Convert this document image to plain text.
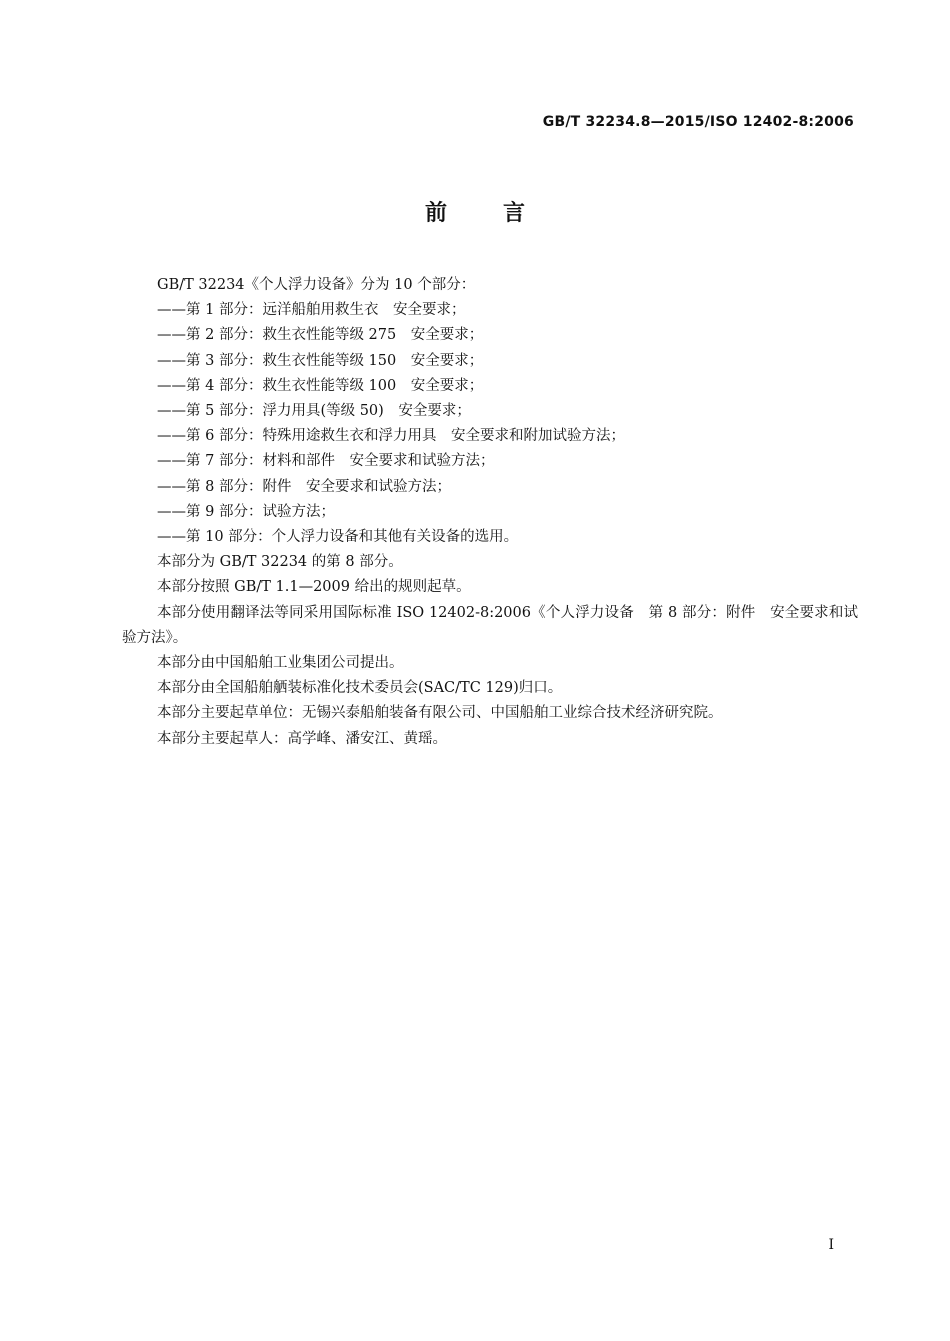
GB/T 32234.8—2015/ISO 12402-8:2006
前言

GB/T 32234《个人浮力设备》分为 10 个部分：

——第 1 部分：远洋船舶用救生衣　安全要求；

——第 2 部分：救生衣性能等级 275　安全要求；

——第 3 部分：救生衣性能等级 150　安全要求；

——第 4 部分：救生衣性能等级 100　安全要求；

——第 5 部分：浮力用具(等级 50)　安全要求；

——第 6 部分：特殊用途救生衣和浮力用具　安全要求和附加试验方法；

——第 7 部分：材料和部件　安全要求和试验方法；

——第 8 部分：附件　安全要求和试验方法；

——第 9 部分：试验方法；

——第 10 部分：个人浮力设备和其他有关设备的选用。

本部分为 GB/T 32234 的第 8 部分。

本部分按照 GB/T 1.1—2009 给出的规则起草。

本部分使用翻译法等同采用国际标准 ISO 12402-8:2006《个人浮力设备　第 8 部分：附件　安全要求和试验方法》。

本部分由中国船舶工业集团公司提出。

本部分由全国船舶舾装标准化技术委员会(SAC/TC 129)归口。

本部分主要起草单位：无锡兴泰船舶装备有限公司、中国船舶工业综合技术经济研究院。

本部分主要起草人：高学峰、潘安江、黄瑶。

I
